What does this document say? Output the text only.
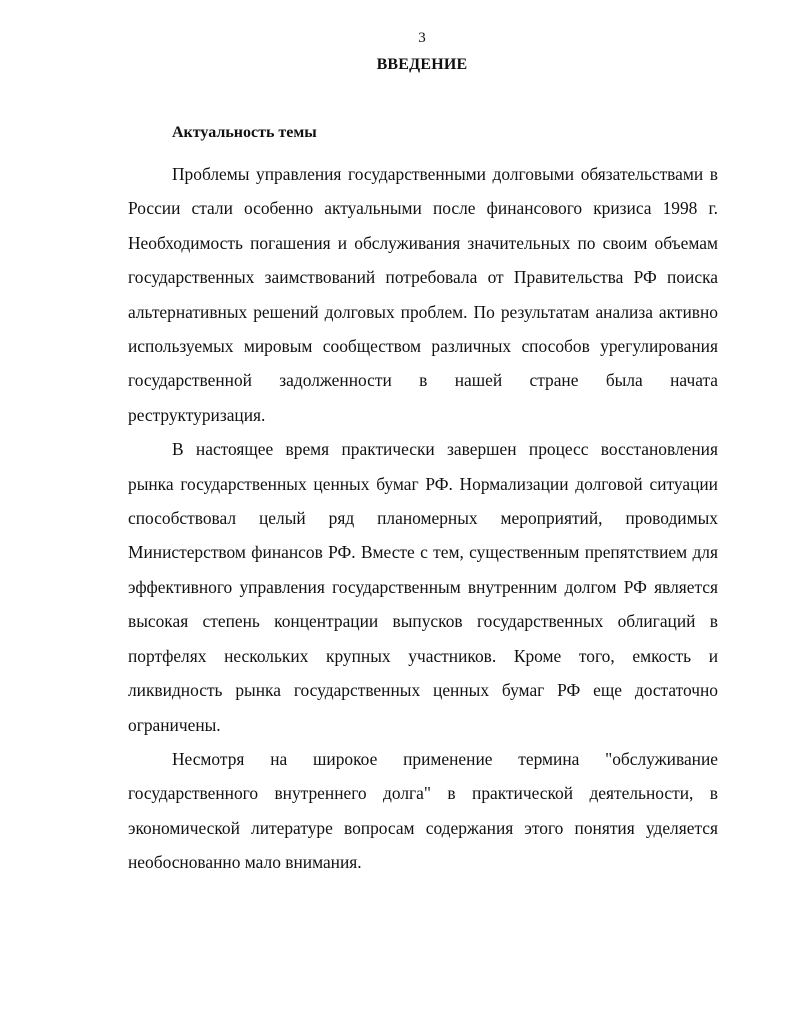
3
ВВЕДЕНИЕ
Актуальность темы

Проблемы управления государственными долговыми обязательствами в России стали особенно актуальными после финансового кризиса 1998 г. Необходимость погашения и обслуживания значительных по своим объемам государственных заимствований потребовала от Правительства РФ поиска альтернативных решений долговых проблем. По результатам анализа активно используемых мировым сообществом различных способов урегулирования государственной задолженности в нашей стране была начата реструктуризация.

В настоящее время практически завершен процесс восстановления рынка государственных ценных бумаг РФ. Нормализации долговой ситуации способствовал целый ряд планомерных мероприятий, проводимых Министерством финансов РФ. Вместе с тем, существенным препятствием для эффективного управления государственным внутренним долгом РФ является высокая степень концентрации выпусков государственных облигаций в портфелях нескольких крупных участников. Кроме того, емкость и ликвидность рынка государственных ценных бумаг РФ еще достаточно ограничены.

Несмотря на широкое применение термина "обслуживание государственного внутреннего долга" в практической деятельности, в экономической литературе вопросам содержания этого понятия уделяется необоснованно мало внимания.
